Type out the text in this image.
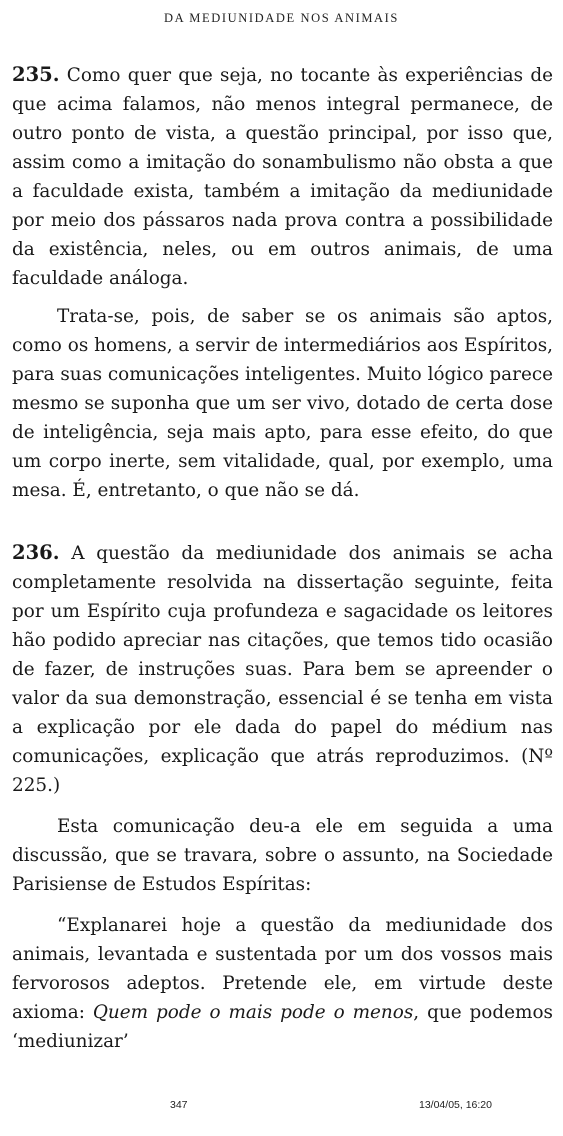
DA MEDIUNIDADE NOS ANIMAIS

235. Como quer que seja, no tocante às experiências de que acima falamos, não menos integral permanece, de outro ponto de vista, a questão principal, por isso que, assim como a imitação do sonambulismo não obsta a que a faculdade exista, também a imitação da mediunidade por meio dos pássaros nada prova contra a possibilidade da existência, neles, ou em outros animais, de uma faculdade análoga.

Trata-se, pois, de saber se os animais são aptos, como os homens, a servir de intermediários aos Espíritos, para suas comunicações inteligentes. Muito lógico parece mesmo se suponha que um ser vivo, dotado de certa dose de inteligência, seja mais apto, para esse efeito, do que um corpo inerte, sem vitalidade, qual, por exemplo, uma mesa. É, entretanto, o que não se dá.

236. A questão da mediunidade dos animais se acha completamente resolvida na dissertação seguinte, feita por um Espírito cuja profundeza e sagacidade os leitores hão podido apreciar nas citações, que temos tido ocasião de fazer, de instruções suas. Para bem se apreender o valor da sua demonstração, essencial é se tenha em vista a explicação por ele dada do papel do médium nas comunicações, explicação que atrás reproduzimos. (Nº 225.)

Esta comunicação deu-a ele em seguida a uma discussão, que se travara, sobre o assunto, na Sociedade Parisiense de Estudos Espíritas:

“Explanarei hoje a questão da mediunidade dos animais, levantada e sustentada por um dos vossos mais fervorosos adeptos. Pretende ele, em virtude deste axioma: Quem pode o mais pode o menos, que podemos ‘mediunizar’

347	13/04/05, 16:20
